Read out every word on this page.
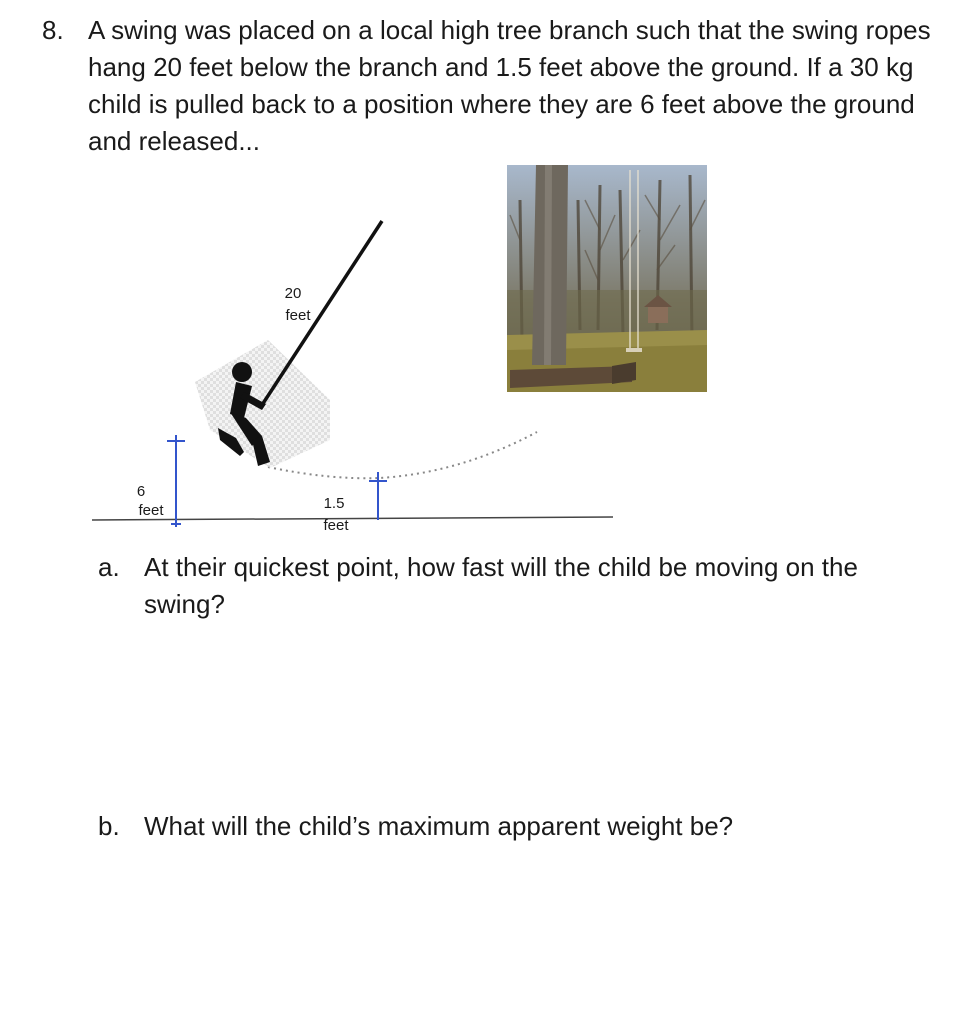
8. A swing was placed on a local high tree branch such that the swing ropes hang 20 feet below the branch and 1.5 feet above the ground. If a 30 kg child is pulled back to a position where they are 6 feet above the ground and released...
6
feet	1.5
feet
20
feet
a. At their quickest point, how fast will the child be moving on the swing?
b. What will the child’s maximum apparent weight be?
